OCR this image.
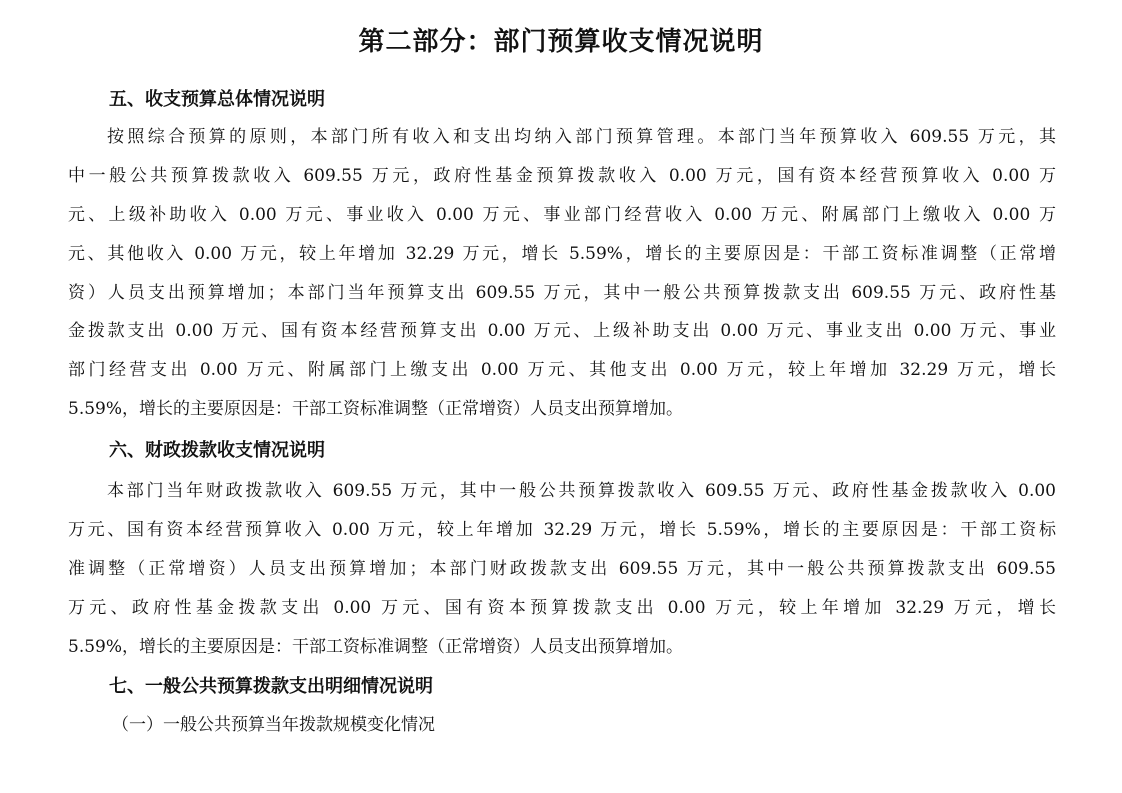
第二部分：部门预算收支情况说明
五、收支预算总体情况说明
按照综合预算的原则，本部门所有收入和支出均纳入部门预算管理。本部门当年预算收入 609.55 万元，其
中一般公共预算拨款收入 609.55 万元，政府性基金预算拨款收入 0.00 万元，国有资本经营预算收入 0.00 万
元、上级补助收入 0.00 万元、事业收入 0.00 万元、事业部门经营收入 0.00 万元、附属部门上缴收入 0.00 万
元、其他收入 0.00 万元，较上年增加 32.29 万元，增长 5.59%，增长的主要原因是：干部工资标准调整（正常增
资）人员支出预算增加；本部门当年预算支出 609.55 万元，其中一般公共预算拨款支出 609.55 万元、政府性基
金拨款支出 0.00 万元、国有资本经营预算支出 0.00 万元、上级补助支出 0.00 万元、事业支出 0.00 万元、事业
部门经营支出 0.00 万元、附属部门上缴支出 0.00 万元、其他支出 0.00 万元，较上年增加 32.29 万元，增长
5.59%，增长的主要原因是：干部工资标准调整（正常增资）人员支出预算增加。
六、财政拨款收支情况说明
本部门当年财政拨款收入 609.55 万元，其中一般公共预算拨款收入 609.55 万元、政府性基金拨款收入 0.00
万元、国有资本经营预算收入 0.00 万元，较上年增加 32.29 万元，增长 5.59%，增长的主要原因是：干部工资标
准调整（正常增资）人员支出预算增加；本部门财政拨款支出 609.55 万元，其中一般公共预算拨款支出 609.55
万元、政府性基金拨款支出 0.00 万元、国有资本预算拨款支出 0.00 万元，较上年增加 32.29 万元，增长
5.59%，增长的主要原因是：干部工资标准调整（正常增资）人员支出预算增加。
七、一般公共预算拨款支出明细情况说明
（一）一般公共预算当年拨款规模变化情况
